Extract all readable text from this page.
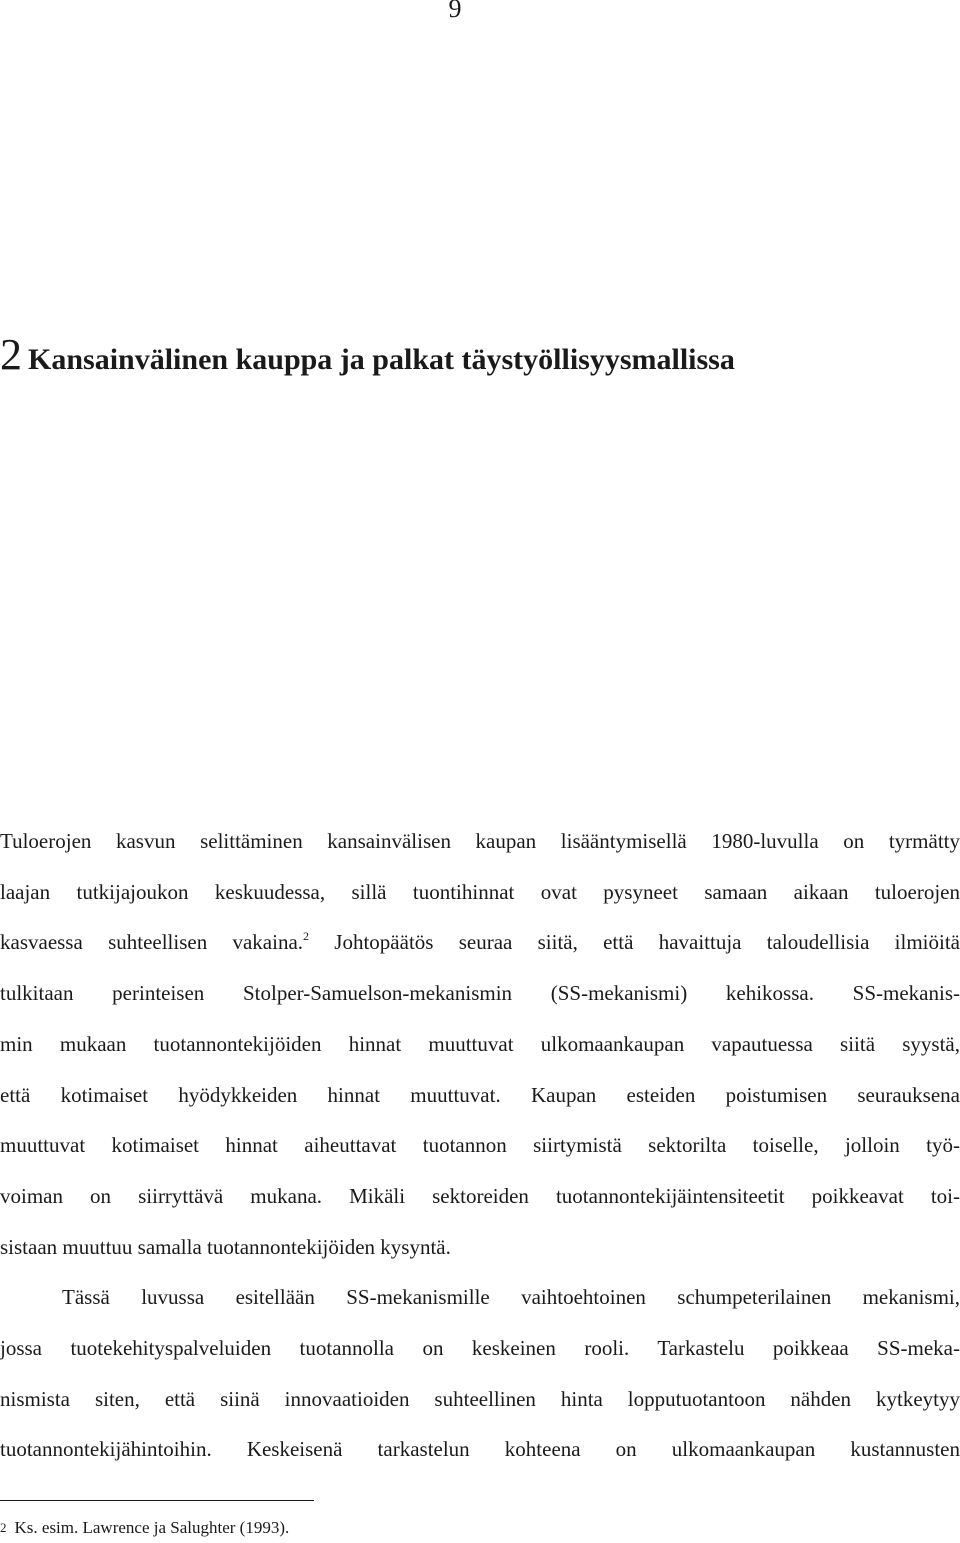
9
2 Kansainvälinen kauppa ja palkat täystyöllisyysmallissa
Tuloerojen kasvun selittäminen kansainvälisen kaupan lisääntymisellä 1980-luvulla on tyrmätty
laajan tutkijajoukon keskuudessa, sillä tuontihinnat ovat pysyneet samaan aikaan tuloerojen
kasvaessa suhteellisen vakaina.$^2$ Johtopäätös seuraa siitä, että havaittuja taloudellisia ilmiöitä
tulkitaan perinteisen Stolper-Samuelson-mekanismin (SS-mekanismi) kehikossa. SS-mekanis-
min mukaan tuotannontekijöiden hinnat muuttuvat ulkomaankaupan vapautuessa siitä syystä,
että kotimaiset hyödykkeiden hinnat muuttuvat. Kaupan esteiden poistumisen seurauksena
muuttuvat kotimaiset hinnat aiheuttavat tuotannon siirtymistä sektorilta toiselle, jolloin työ-
voiman on siirryttävä mukana. Mikäli sektoreiden tuotannontekijäintensiteetit poikkeavat toi-
sistaan muuttuu samalla tuotannontekijöiden kysyntä.
Tässä luvussa esitellään SS-mekanismille vaihtoehtoinen schumpeterilainen mekanismi,
jossa tuotekehityspalveluiden tuotannolla on keskeinen rooli. Tarkastelu poikkeaa SS-meka-
nismista siten, että siinä innovaatioiden suhteellinen hinta lopputuotantoon nähden kytkeytyy
tuotannontekijähintoihin. Keskeisenä tarkastelun kohteena on ulkomaankaupan kustannusten

$^2$ Ks. esim. Lawrence ja Salughter (1993).
